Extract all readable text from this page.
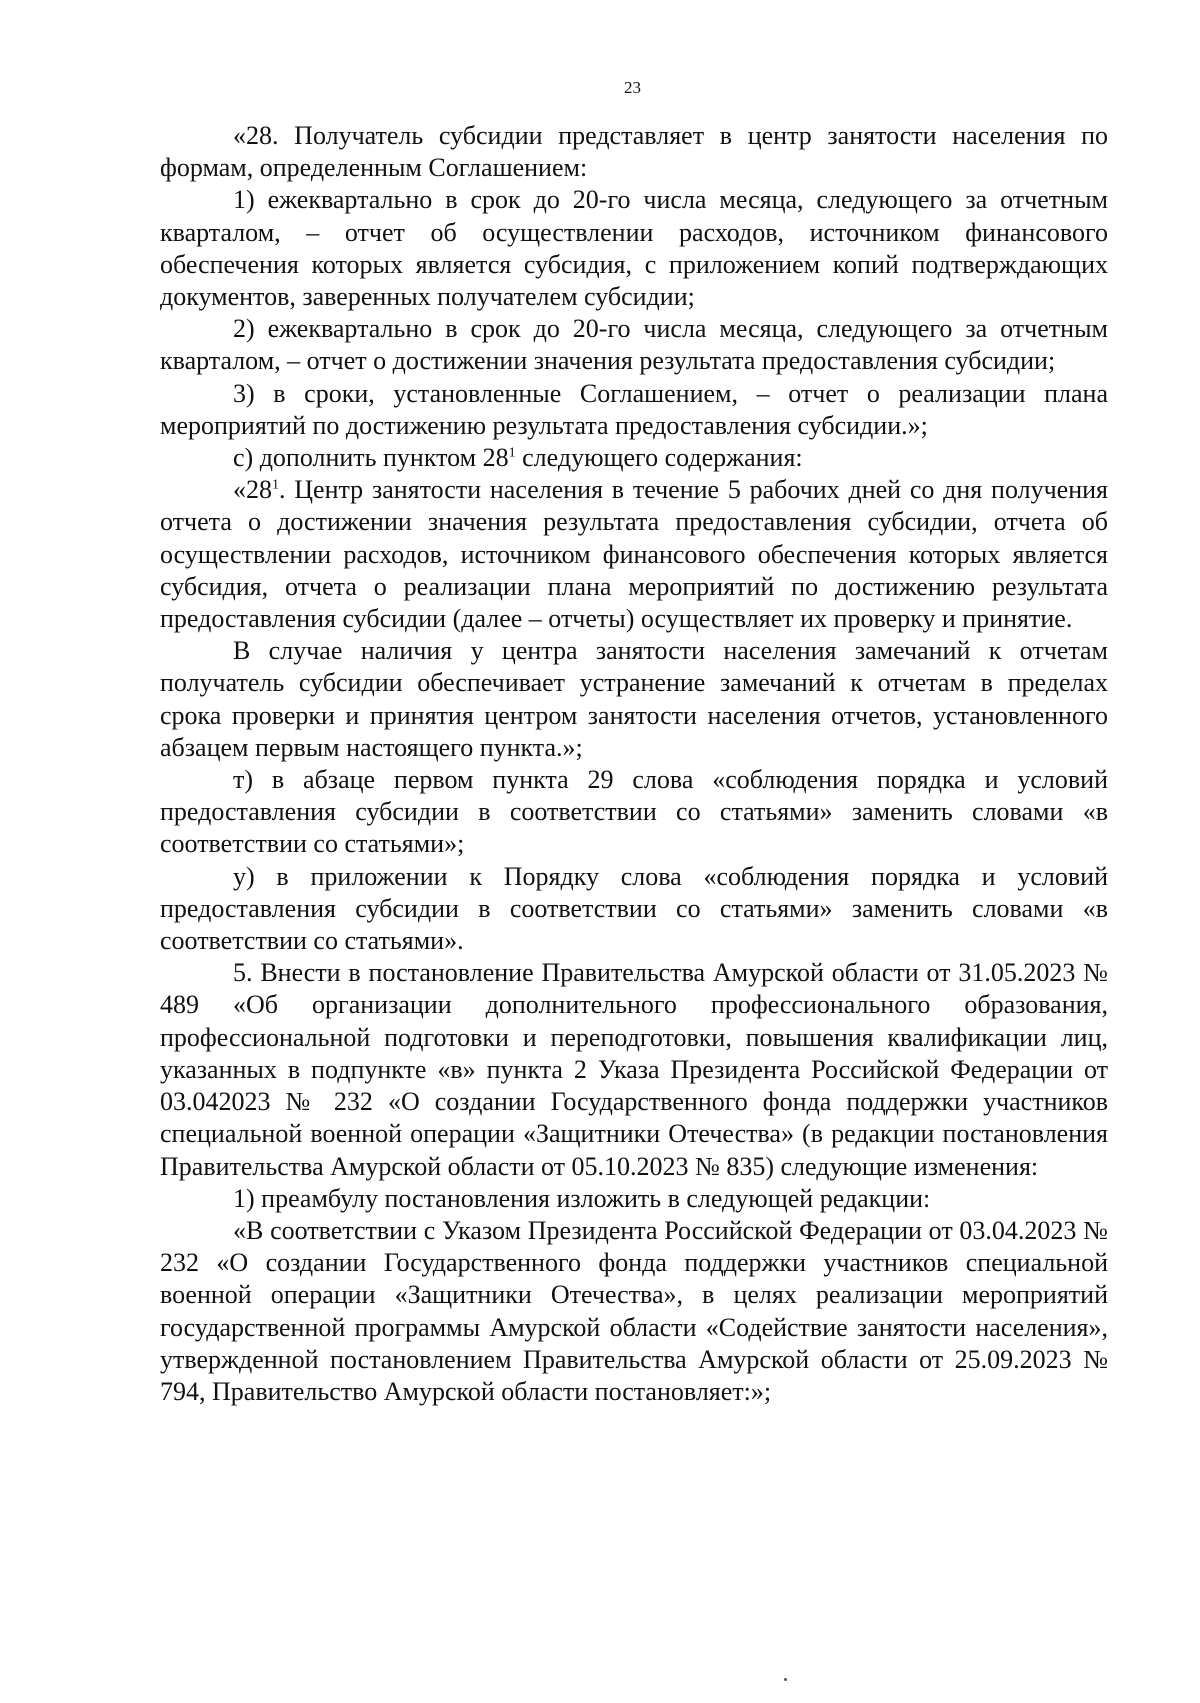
23

«28. Получатель субсидии представляет в центр занятости населения по формам, определенным Соглашением:

1) ежеквартально в срок до 20-го числа месяца, следующего за отчетным кварталом, – отчет об осуществлении расходов, источником финансового обеспечения которых является субсидия, с приложением копий подтверждающих документов, заверенных получателем субсидии;

2) ежеквартально в срок до 20-го числа месяца, следующего за отчетным кварталом, – отчет о достижении значения результата предоставления субсидии;

3) в сроки, установленные Соглашением, – отчет о реализации плана мероприятий по достижению результата предоставления субсидии.»;

с) дополнить пунктом $28^1$ следующего содержания:

«$28^1$. Центр занятости населения в течение 5 рабочих дней со дня получения отчета о достижении значения результата предоставления субсидии, отчета об осуществлении расходов, источником финансового обеспечения которых является субсидия, отчета о реализации плана мероприятий по достижению результата предоставления субсидии (далее – отчеты) осуществляет их проверку и принятие.

В случае наличия у центра занятости населения замечаний к отчетам получатель субсидии обеспечивает устранение замечаний к отчетам в пределах срока проверки и принятия центром занятости населения отчетов, установленного абзацем первым настоящего пункта.»;

т) в абзаце первом пункта 29 слова «соблюдения порядка и условий предоставления субсидии в соответствии со статьями» заменить словами «в соответствии со статьями»;

у) в приложении к Порядку слова «соблюдения порядка и условий предоставления субсидии в соответствии со статьями» заменить словами «в соответствии со статьями».

5. Внести в постановление Правительства Амурской области от 31.05.2023 № 489 «Об организации дополнительного профессионального образования, профессиональной подготовки и переподготовки, повышения квалификации лиц, указанных в подпункте «в» пункта 2 Указа Президента Российской Федерации от 03.042023 № 232 «О создании Государственного фонда поддержки участников специальной военной операции «Защитники Отечества» (в редакции постановления Правительства Амурской области от 05.10.2023 № 835) следующие изменения:

1) преамбулу постановления изложить в следующей редакции:

«В соответствии с Указом Президента Российской Федерации от 03.04.2023 № 232 «О создании Государственного фонда поддержки участников специальной военной операции «Защитники Отечества», в целях реализации мероприятий государственной программы Амурской области «Содействие занятости населения», утвержденной постановлением Правительства Амурской области от 25.09.2023 № 794, Правительство Амурской области постановляет:»;
